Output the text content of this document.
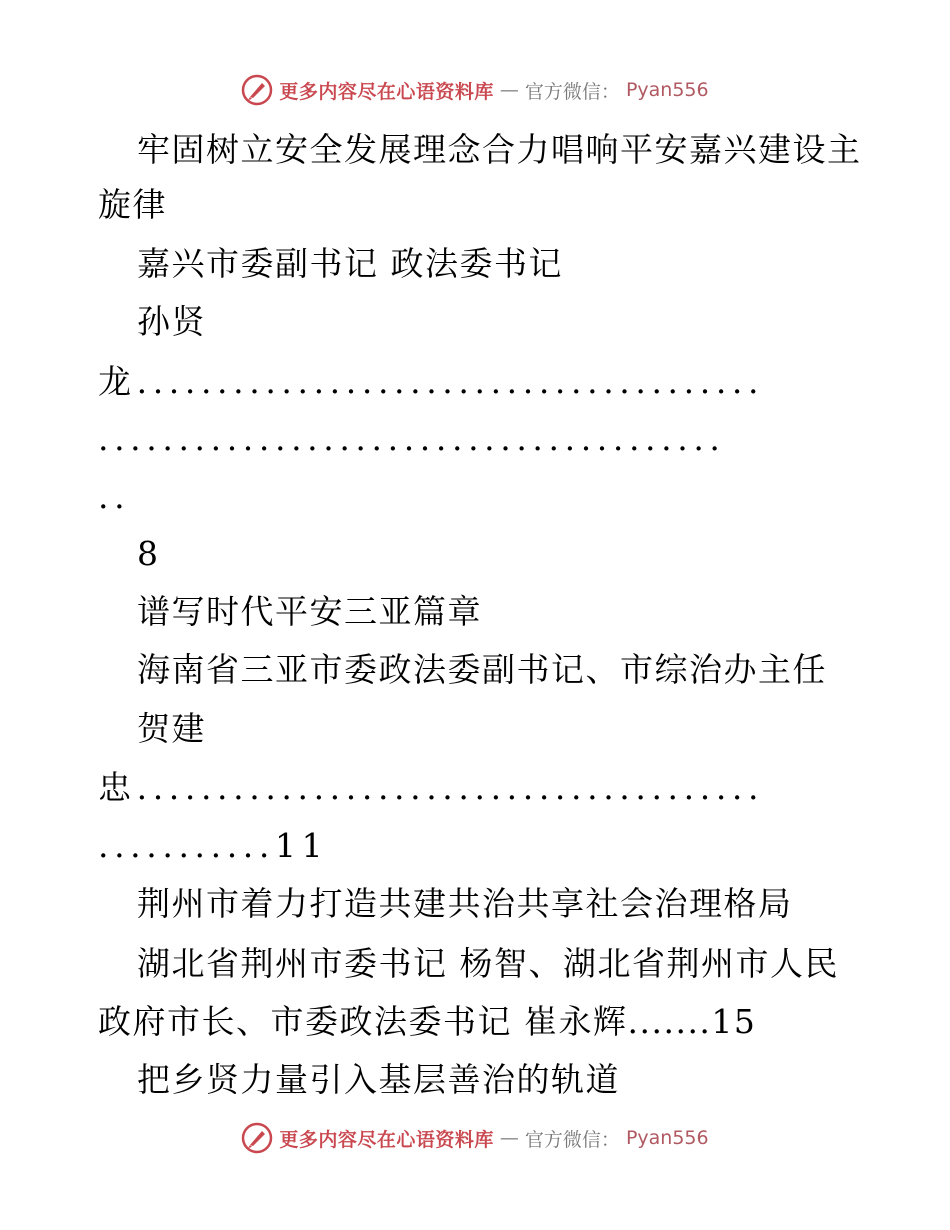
更多内容尽在心语资料库 — 官方微信： Pyan556
牢固树立安全发展理念合力唱响平安嘉兴建设主
旋律
嘉兴市委副书记 政法委书记
孙贤
龙.......................................
.......................................
..
8
谱写时代平安三亚篇章
海南省三亚市委政法委副书记、市综治办主任
贺建
忠.......................................
...........11
荆州市着力打造共建共治共享社会治理格局
湖北省荆州市委书记 杨智、湖北省荆州市人民
政府市长、市委政法委书记 崔永辉.......15
把乡贤力量引入基层善治的轨道
更多内容尽在心语资料库 — 官方微信： Pyan556
